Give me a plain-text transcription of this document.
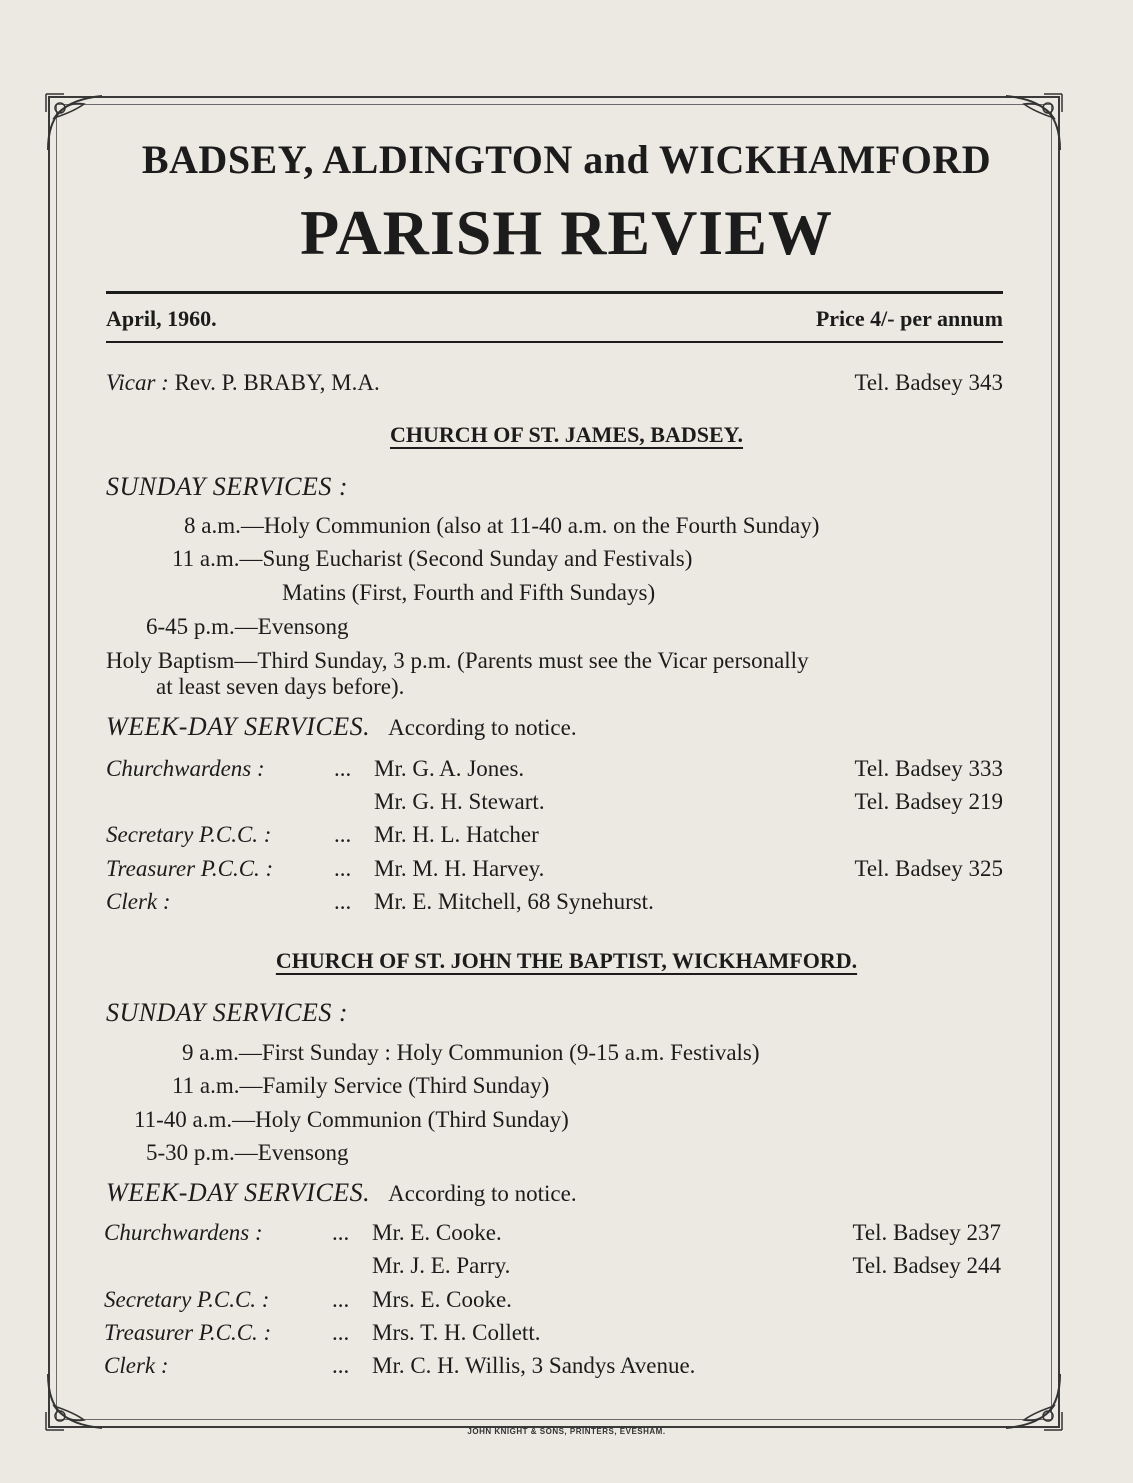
BADSEY, ALDINGTON and WICKHAMFORD
PARISH REVIEW
April, 1960.	Price 4/- per annum
Vicar : Rev. P. BRABY, M.A.	Tel. Badsey 343
CHURCH OF ST. JAMES, BADSEY.
SUNDAY SERVICES :
8 a.m.—Holy Communion (also at 11-40 a.m. on the Fourth Sunday)
11 a.m.—Sung Eucharist (Second Sunday and Festivals)
Matins (First, Fourth and Fifth Sundays)
6-45 p.m.—Evensong
Holy Baptism—Third Sunday, 3 p.m. (Parents must see the Vicar personally
at least seven days before).
WEEK-DAY SERVICES. According to notice.
Churchwardens :	... Mr. G. A. Jones.	Tel. Badsey 333
Mr. G. H. Stewart.	Tel. Badsey 219
Secretary P.C.C. :	... Mr. H. L. Hatcher
Treasurer P.C.C. :	... Mr. M. H. Harvey.	Tel. Badsey 325
Clerk :	... Mr. E. Mitchell, 68 Synehurst.
CHURCH OF ST. JOHN THE BAPTIST, WICKHAMFORD.
SUNDAY SERVICES :
9 a.m.—First Sunday : Holy Communion (9-15 a.m. Festivals)
11 a.m.—Family Service (Third Sunday)
11-40 a.m.—Holy Communion (Third Sunday)
5-30 p.m.—Evensong
WEEK-DAY SERVICES. According to notice.
Churchwardens :	... Mr. E. Cooke.	Tel. Badsey 237
Mr. J. E. Parry.	Tel. Badsey 244
Secretary P.C.C. :	... Mrs. E. Cooke.
Treasurer P.C.C. :	... Mrs. T. H. Collett.
Clerk :	... Mr. C. H. Willis, 3 Sandys Avenue.
JOHN KNIGHT & SONS, PRINTERS, EVESHAM.
